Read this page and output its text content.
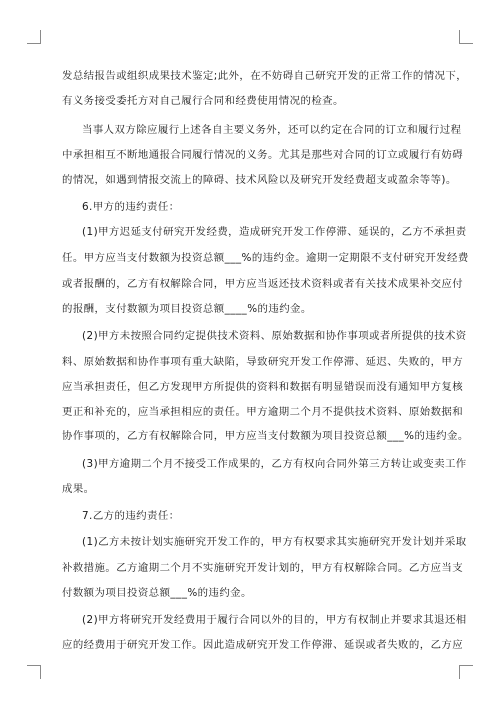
发总结报告或组织成果技术鉴定;此外，在不妨碍自己研究开发的正常工作的情况下，
有义务接受委托方对自己履行合同和经费使用情况的检查。
当事人双方除应履行上述各自主要义务外，还可以约定在合同的订立和履行过程
中承担相互不断地通报合同履行情况的义务。尤其是那些对合同的订立或履行有妨碍
的情况，如遇到情报交流上的障碍、技术风险以及研究开发经费超支或盈余等等)。
6.甲方的违约责任：
(1)甲方迟延支付研究开发经费，造成研究开发工作停滞、延误的，乙方不承担责
任。甲方应当支付数额为投资总额___%的违约金。逾期一定期限不支付研究开发经费
或者报酬的，乙方有权解除合同，甲方应当返还技术资料或者有关技术成果补交应付
的报酬，支付数额为项目投资总额____%的违约金。
(2)甲方未按照合同约定提供技术资料、原始数据和协作事项或者所提供的技术资
料、原始数据和协作事项有重大缺陷，导致研究开发工作停滞、延迟、失败的，甲方
应当承担责任，但乙方发现甲方所提供的资料和数据有明显错误而没有通知甲方复核
更正和补充的，应当承担相应的责任。甲方逾期二个月不提供技术资料、原始数据和
协作事项的，乙方有权解除合同，甲方应当支付数额为项目投资总额___%的违约金。
(3)甲方逾期二个月不接受工作成果的，乙方有权向合同外第三方转让或变卖工作
成果。
7.乙方的违约责任：
(1)乙方未按计划实施研究开发工作的，甲方有权要求其实施研究开发计划并采取
补救措施。乙方逾期二个月不实施研究开发计划的，甲方有权解除合同。乙方应当支
付数额为项目投资总额___%的违约金。
(2)甲方将研究开发经费用于履行合同以外的目的，甲方有权制止并要求其退还相
应的经费用于研究开发工作。因此造成研究开发工作停滞、延误或者失败的，乙方应
